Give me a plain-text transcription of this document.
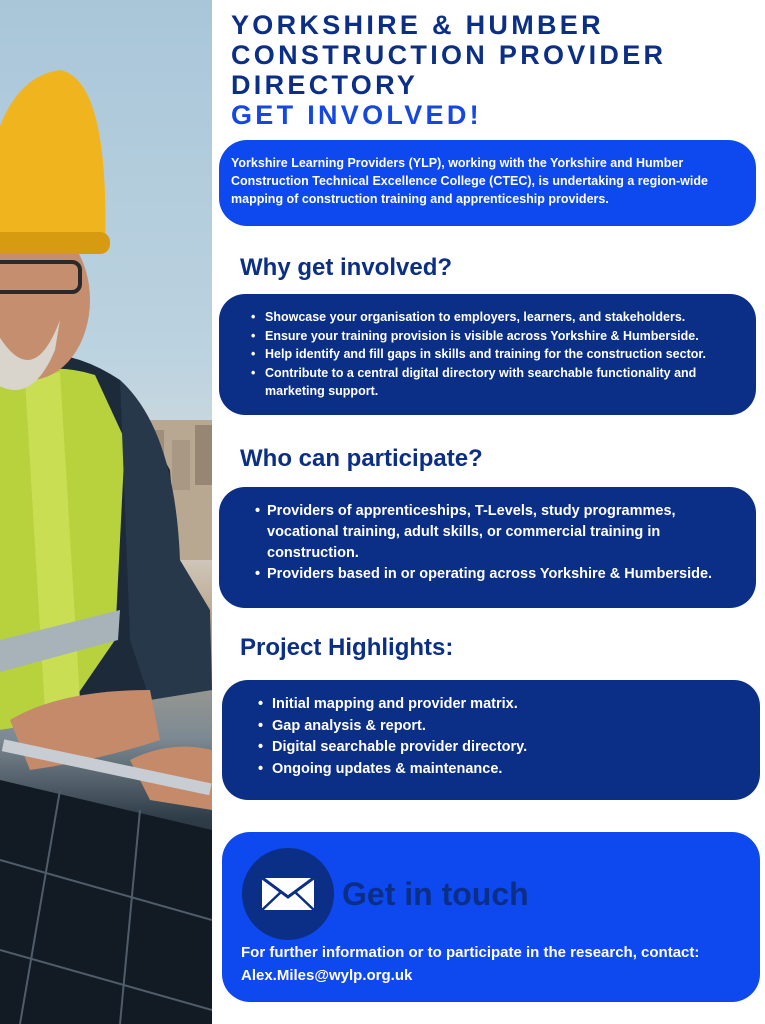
YORKSHIRE & HUMBER CONSTRUCTION PROVIDER DIRECTORY
GET INVOLVED!
Yorkshire Learning Providers (YLP), working with the Yorkshire and Humber Construction Technical Excellence College (CTEC), is undertaking a region-wide mapping of construction training and apprenticeship providers.
Why get involved?
• Showcase your organisation to employers, learners, and stakeholders.
• Ensure your training provision is visible across Yorkshire & Humberside.
• Help identify and fill gaps in skills and training for the construction sector.
• Contribute to a central digital directory with searchable functionality and marketing support.
Who can participate?
• Providers of apprenticeships, T-Levels, study programmes, vocational training, adult skills, or commercial training in construction.
• Providers based in or operating across Yorkshire & Humberside.
Project Highlights:
• Initial mapping and provider matrix.
• Gap analysis & report.
• Digital searchable provider directory.
• Ongoing updates & maintenance.
Get in touch
For further information or to participate in the research, contact:
Alex.Miles@wylp.org.uk
